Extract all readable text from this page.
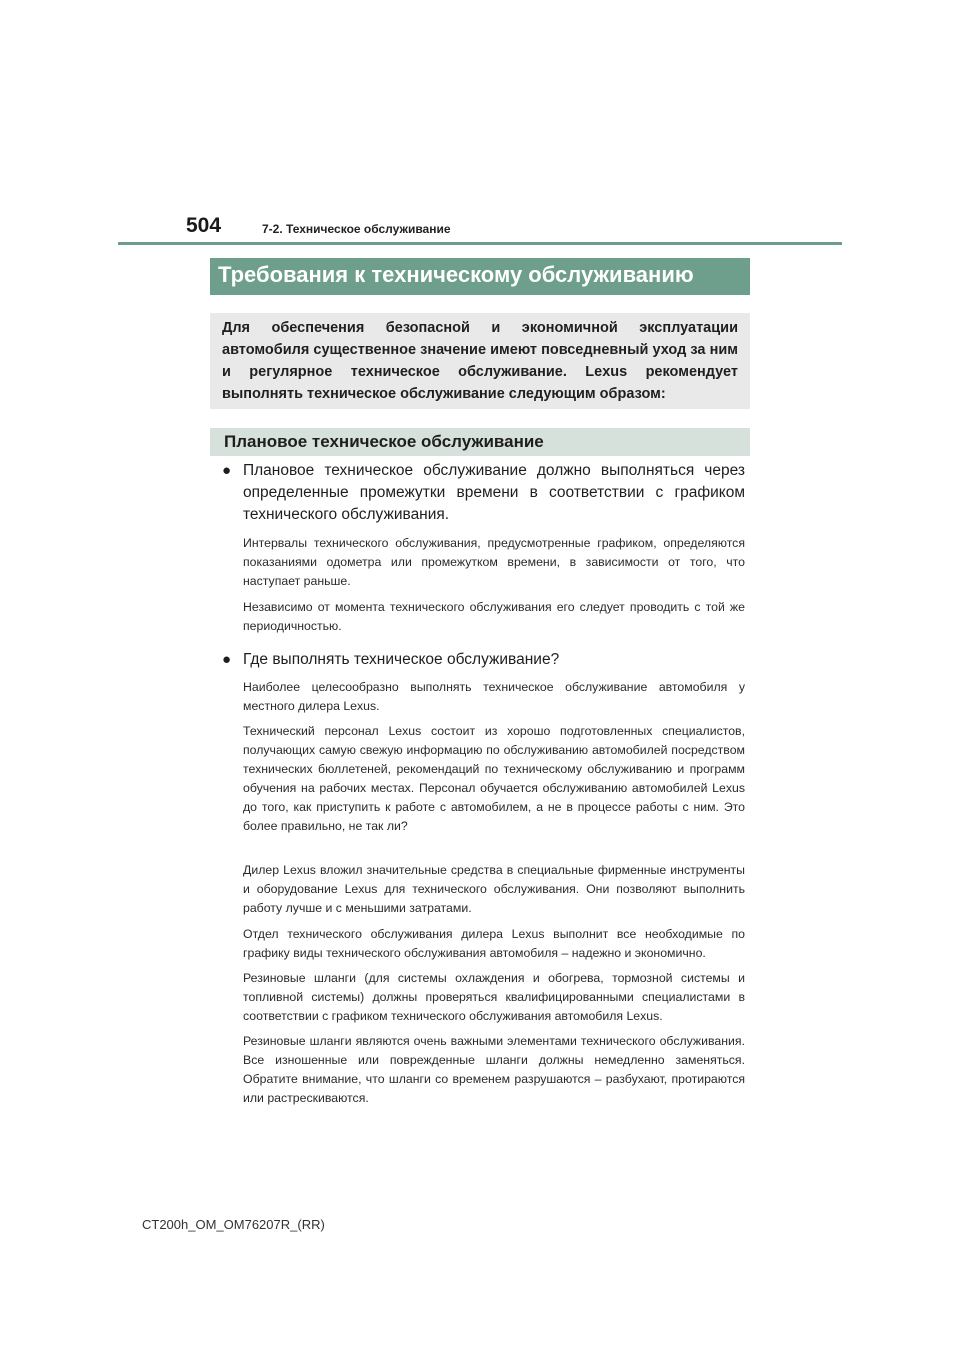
504	7-2. Техническое обслуживание
Требования к техническому обслуживанию
Для обеспечения безопасной и экономичной эксплуатации автомобиля существенное значение имеют повседневный уход за ним и регулярное техническое обслуживание. Lexus рекомендует выполнять техническое обслуживание следующим образом:
Плановое техническое обслуживание
● Плановое техническое обслуживание должно выполняться через определенные промежутки времени в соответствии с графиком технического обслуживания.
Интервалы технического обслуживания, предусмотренные графиком, определяются показаниями одометра или промежутком времени, в зависимости от того, что наступает раньше.
Независимо от момента технического обслуживания его следует проводить с той же периодичностью.
● Где выполнять техническое обслуживание?
Наиболее целесообразно выполнять техническое обслуживание автомобиля у местного дилера Lexus.
Технический персонал Lexus состоит из хорошо подготовленных специалистов, получающих самую свежую информацию по обслуживанию автомобилей посредством технических бюллетеней, рекомендаций по техническому обслуживанию и программ обучения на рабочих местах. Персонал обучается обслуживанию автомобилей Lexus до того, как приступить к работе с автомобилем, а не в процессе работы с ним. Это более правильно, не так ли?
Дилер Lexus вложил значительные средства в специальные фирменные инструменты и оборудование Lexus для технического обслуживания. Они позволяют выполнить работу лучше и с меньшими затратами.
Отдел технического обслуживания дилера Lexus выполнит все необходимые по графику виды технического обслуживания автомобиля – надежно и экономично.
Резиновые шланги (для системы охлаждения и обогрева, тормозной системы и топливной системы) должны проверяться квалифицированными специалистами в соответствии с графиком технического обслуживания автомобиля Lexus.
Резиновые шланги являются очень важными элементами технического обслуживания. Все изношенные или поврежденные шланги должны немедленно заменяться. Обратите внимание, что шланги со временем разрушаются – разбухают, протираются или растрескиваются.
CT200h_OM_OM76207R_(RR)
